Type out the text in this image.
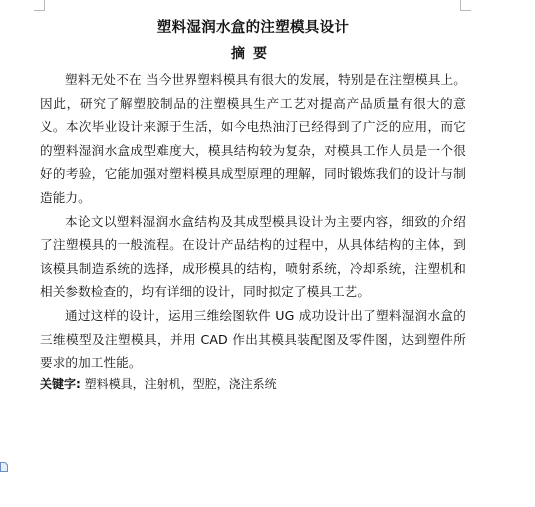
塑料湿润水盒的注塑模具设计
摘要

塑料无处不在 当今世界塑料模具有很大的发展，特别是在注塑模具上。因此，研究了解塑胶制品的注塑模具生产工艺对提高产品质量有很大的意义。本次毕业设计来源于生活，如今电热油汀已经得到了广泛的应用，而它的塑料湿润水盒成型难度大，模具结构较为复杂，对模具工作人员是一个很好的考验，它能加强对塑料模具成型原理的理解，同时锻炼我们的设计与制造能力。

本论文以塑料湿润水盒结构及其成型模具设计为主要内容，细致的介绍了注塑模具的一般流程。在设计产品结构的过程中，从具体结构的主体，到该模具制造系统的选择，成形模具的结构，喷射系统，冷却系统，注塑机和相关参数检查的，均有详细的设计，同时拟定了模具工艺。

通过这样的设计，运用三维绘图软件 UG 成功设计出了塑料湿润水盒的三维模型及注塑模具，并用 CAD 作出其模具装配图及零件图，达到塑件所要求的加工性能。

关键字: 塑料模具，注射机，型腔，浇注系统
